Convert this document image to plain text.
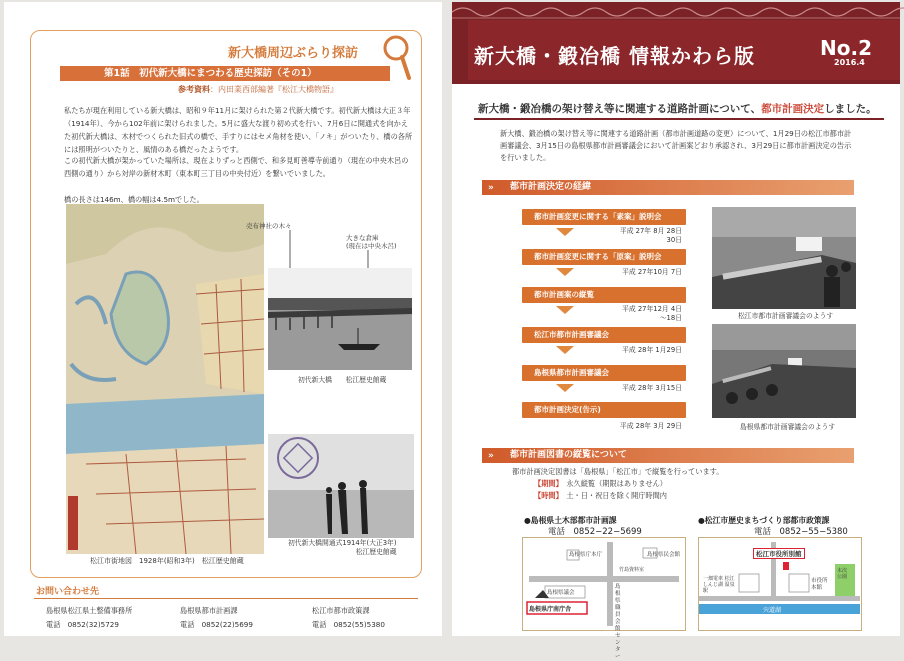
新大橋周辺ぶらり探訪
第1話　初代新大橋にまつわる歴史探訪（その1）
参考資料：内田業西部編著『松江大橋物語』
私たちが現在利用している新大橋は、昭和９年11月に架けられた第２代新大橋です。初代新大橋は大正３年（1914年）、今から102年前に架けられました。5月に盛大な渡り初め式を行い、7月6日に開通式を向かえた初代新大橋は、木材でつくられた旧式の橋で、手すりにはセメ角材を使い、「ノキ」がついたり、橋の各所には照明がついたりと、風情のある橋だったようです。
この初代新大橋が架かっていた場所は、現在よりずっと西側で、和多見町善導寺前通り（現在の中央木呂の西側の通り）から対岸の新材木町（東本町三丁目の中央付近）を繋いでいました。
橋の長さは146m、橋の幅は4.5mでした。
松江市街地図　1928年(昭和3年)　松江歴史館蔵
売布神社の木々
大きな倉庫
(現在は中央木呂)
初代新大橋　　松江歴史館蔵
初代新大橋開通式1914年(大正3年)
松江歴史館蔵
お問い合わせ先
島根県松江県土整備事務所
電話　 0852(32)5729
島根県都市計画課
電話　 0852(22)5699
松江市都市政策課
電話　 0852(55)5380
新大橋・鍛冶橋 情報かわら版	No.2
2016.4
新大橋・鍛冶橋の架け替え等に関連する道路計画について、都市計画決定しました。
新大橋、鍛冶橋の架け替え等に関連する道路計画（都市計画道路の変更）について、1月29日の松江市都市計画審議会、3月15日の島根県都市計画審議会において計画案どおり承認され、3月29日に都市計画決定の告示を行いました。
» 都市計画決定の経緯
都市計画変更に関する「素案」説明会
平成 27年 8月 28日
30日
都市計画変更に関する「原案」説明会
平成 27年10月 7日
都市計画案の縦覧
平成 27年12月 4日
〜18日
松江市都市計画審議会
平成 28年 1月29日
島根県都市計画審議会
平成 28年 3月15日
都市計画決定(告示)
平成 28年 3月 29日
松江市都市計画審議会のようす
島根県都市計画審議会のようす
» 都市計画図書の縦覧について
都市計画決定図書は「島根県」「松江市」で縦覧を行っています。
【期間】　 永久縦覧（期限はありません）
【時間】　 土・日・祝日を除く開庁時間内
●島根県土木部都市計画課
電話　0852−22−5699
●松江市歴史まちづくり部都市政策課
電話　0852−55−5380
島根県庁本庁	島根県民会館
竹島資料室
島根県議会
島根県庁南庁舎
島根県職員会館センター
松江市役所別館
一畑電車 松江しんじ湖 温泉駅
市役所 本館
末次公園
宍道湖
